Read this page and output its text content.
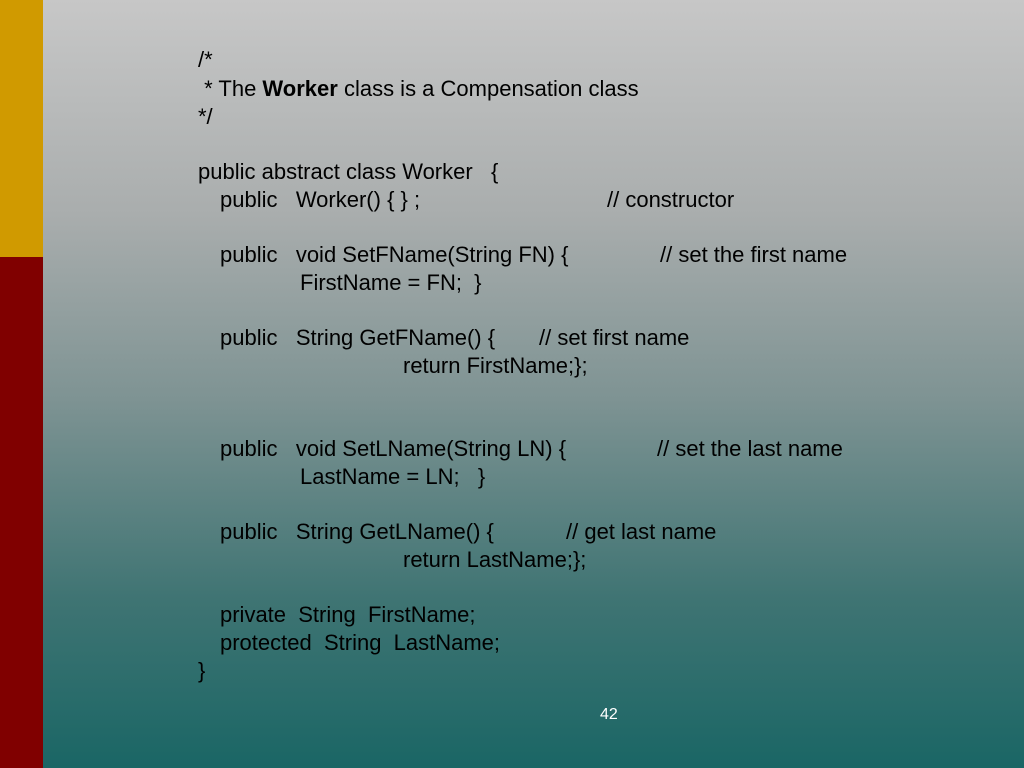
/*

* The Worker class is a Compensation class

*/

public abstract class Worker   {

public   Worker() { } ;	// constructor

public   void SetFName(String FN) {	// set the first name

FirstName = FN;  }

public   String GetFName() { // set first name

return FirstName;};

public   void SetLName(String LN) {	// set the last name

LastName = LN;   }

public   String GetLName() {	// get last name

return LastName;};

private  String  FirstName;

protected  String  LastName;

}

42
